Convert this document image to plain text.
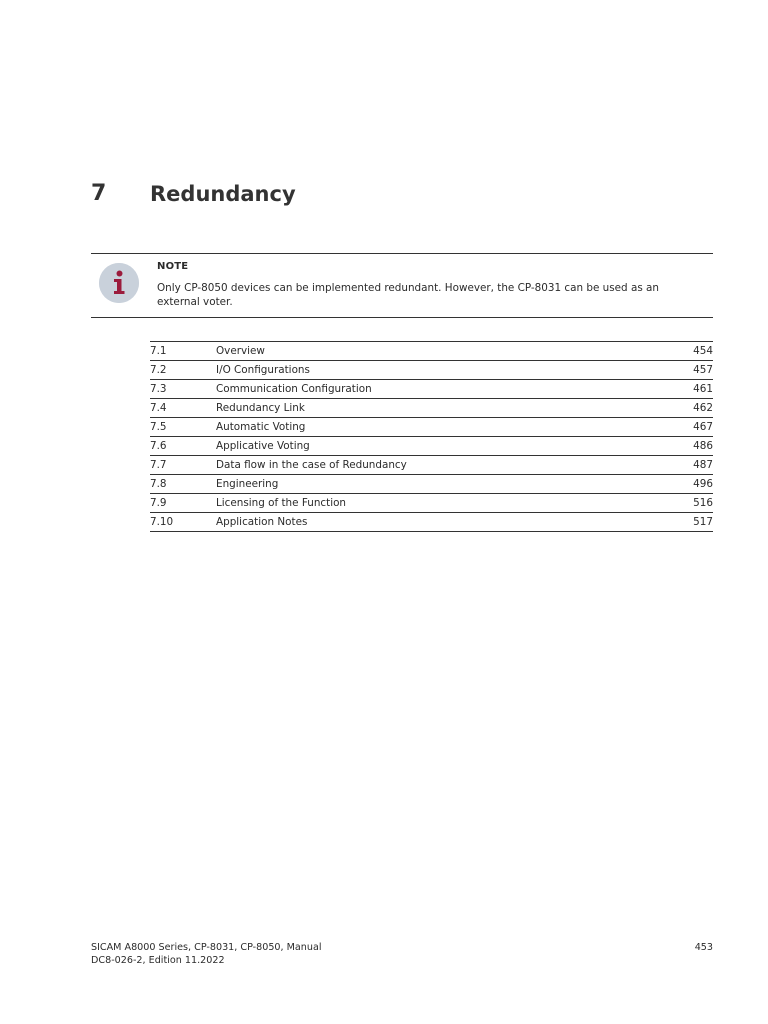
7 Redundancy
NOTE
Only CP-8050 devices can be implemented redundant. However, the CP-8031 can be used as an external voter.
7.1	Overview	454
7.2	I/O Configurations	457
7.3	Communication Configuration	461
7.4	Redundancy Link	462
7.5	Automatic Voting	467
7.6	Applicative Voting	486
7.7	Data flow in the case of Redundancy	487
7.8	Engineering	496
7.9	Licensing of the Function	516
7.10	Application Notes	517
SICAM A8000 Series, CP-8031, CP-8050, Manual
DC8-026-2, Edition 11.2022
453
